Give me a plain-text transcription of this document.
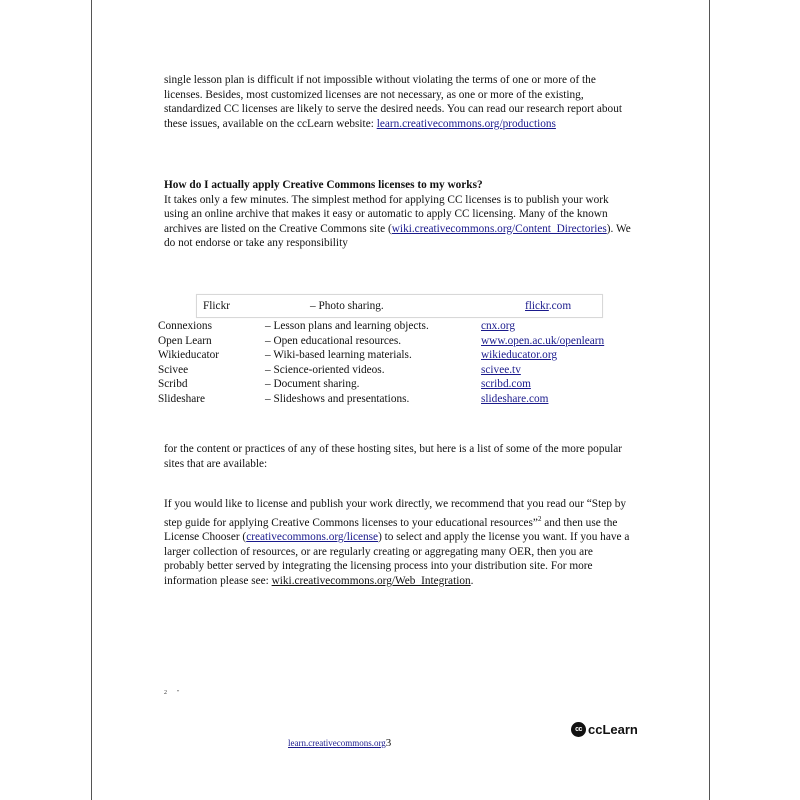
single lesson plan is difficult if not impossible without violating the terms of one or more of the licenses. Besides, most customized licenses are not necessary, as one or more of the existing, standardized CC licenses are likely to serve the desired needs. You can read our research report about these issues, available on the ccLearn website: learn.creativecommons.org/productions

How do I actually apply Creative Commons licenses to my works?
It takes only a few minutes. The simplest method for applying CC licenses is to publish your work using an online archive that makes it easy or automatic to apply CC licensing. Many of the known archives are listed on the Creative Commons site (wiki.creativecommons.org/Content_Directories). We do not endorse or take any responsibility

Flickr	– Photo sharing.	flickr.com
Connexions	– Lesson plans and learning objects.	cnx.org
Open Learn	– Open educational resources.	www.open.ac.uk/openlearn
Wikieducator	– Wiki-based learning materials.	wikieducator.org
Scivee	– Science-oriented videos.	scivee.tv
Scribd	– Document sharing.	scribd.com
Slideshare	– Slideshows and presentations.	slideshare.com

for the content or practices of any of these hosting sites, but here is a list of some of the more popular sites that are available:

If you would like to license and publish your work directly, we recommend that you read our “Step by step guide for applying Creative Commons licenses to your educational resources”$^2$ and then use the License Chooser (creativecommons.org/license) to select and apply the license you want. If you have a larger collection of resources, or are regularly creating or aggregating many OER, then you are probably better served by integrating the licensing process into your distribution site. For more information please see: wiki.creativecommons.org/Web_Integration.

2 "
cc ccLearn
learn.creativecommons.org3
